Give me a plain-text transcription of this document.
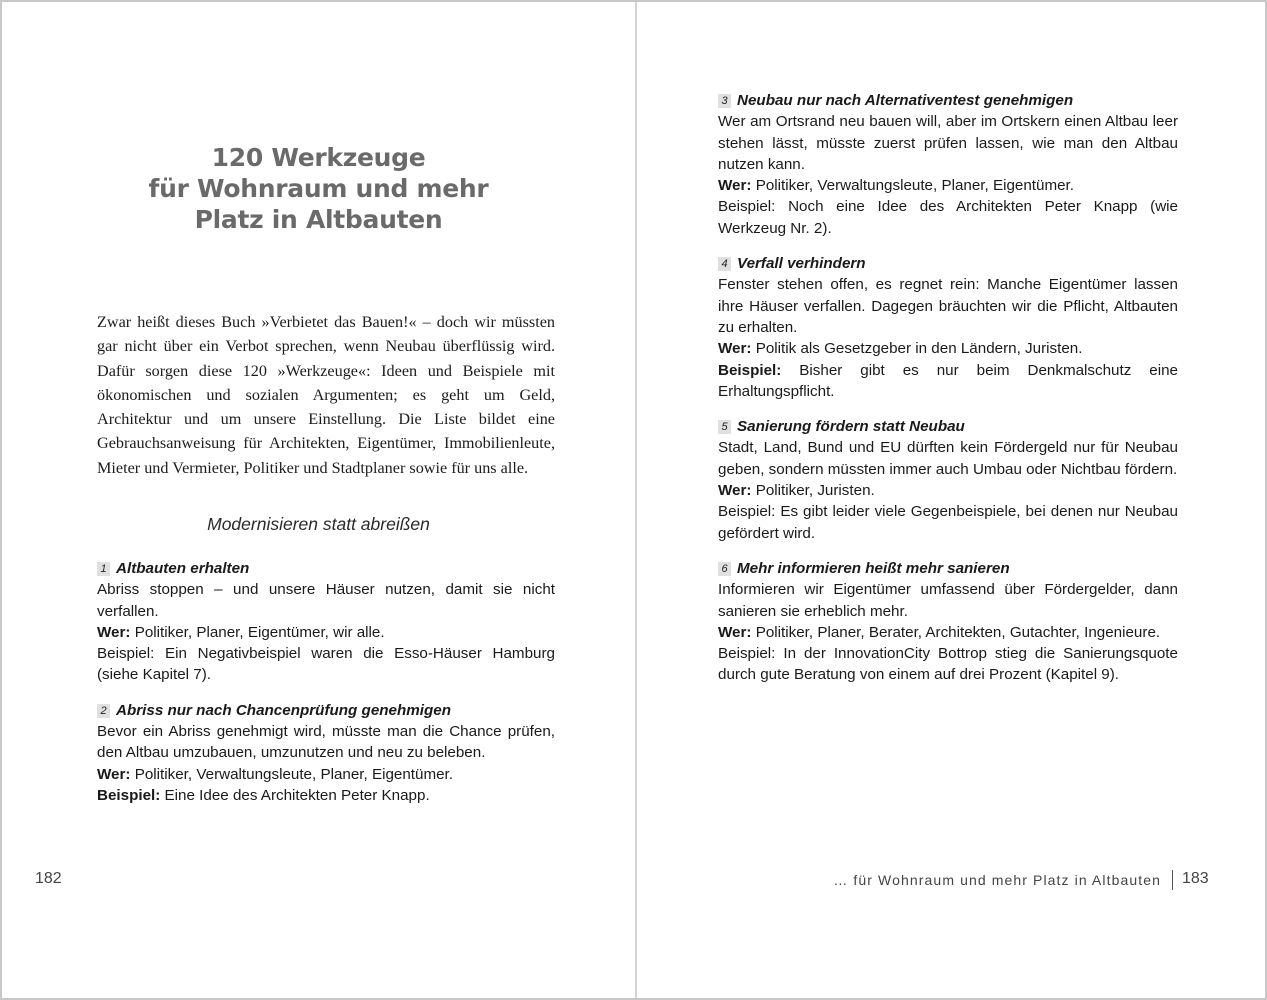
120 Werkzeuge
für Wohnraum und mehr
Platz in Altbauten
Zwar heißt dieses Buch »Verbietet das Bauen!« – doch wir müssten gar nicht über ein Verbot sprechen, wenn Neubau überflüssig wird. Dafür sorgen diese 120 »Werkzeuge«: Ideen und Beispiele mit ökonomischen und sozialen Argumenten; es geht um Geld, Architektur und um unsere Einstellung. Die Liste bildet eine Gebrauchsanweisung für Architekten, Eigentümer, Immobilienleute, Mieter und Vermieter, Politiker und Stadtplaner sowie für uns alle.
Modernisieren statt abreißen
1 Altbauten erhalten
Abriss stoppen – und unsere Häuser nutzen, damit sie nicht verfallen.
Wer: Politiker, Planer, Eigentümer, wir alle.
Beispiel: Ein Negativbeispiel waren die Esso-Häuser Hamburg (siehe Kapitel 7).
2 Abriss nur nach Chancenprüfung genehmigen
Bevor ein Abriss genehmigt wird, müsste man die Chance prüfen, den Altbau umzubauen, umzunutzen und neu zu beleben.
Wer: Politiker, Verwaltungsleute, Planer, Eigentümer.
Beispiel: Eine Idee des Architekten Peter Knapp.
182
3 Neubau nur nach Alternativentest genehmigen
Wer am Ortsrand neu bauen will, aber im Ortskern einen Altbau leer stehen lässt, müsste zuerst prüfen lassen, wie man den Altbau nutzen kann.
Wer: Politiker, Verwaltungsleute, Planer, Eigentümer.
Beispiel: Noch eine Idee des Architekten Peter Knapp (wie Werkzeug Nr. 2).
4 Verfall verhindern
Fenster stehen offen, es regnet rein: Manche Eigentümer lassen ihre Häuser verfallen. Dagegen bräuchten wir die Pflicht, Altbauten zu erhalten.
Wer: Politik als Gesetzgeber in den Ländern, Juristen.
Beispiel: Bisher gibt es nur beim Denkmalschutz eine Erhaltungspflicht.
5 Sanierung fördern statt Neubau
Stadt, Land, Bund und EU dürften kein Fördergeld nur für Neubau geben, sondern müssten immer auch Umbau oder Nichtbau fördern.
Wer: Politiker, Juristen.
Beispiel: Es gibt leider viele Gegenbeispiele, bei denen nur Neubau gefördert wird.
6 Mehr informieren heißt mehr sanieren
Informieren wir Eigentümer umfassend über Fördergelder, dann sanieren sie erheblich mehr.
Wer: Politiker, Planer, Berater, Architekten, Gutachter, Ingenieure.
Beispiel: In der InnovationCity Bottrop stieg die Sanierungsquote durch gute Beratung von einem auf drei Prozent (Kapitel 9).
… für Wohnraum und mehr Platz in Altbauten 183
